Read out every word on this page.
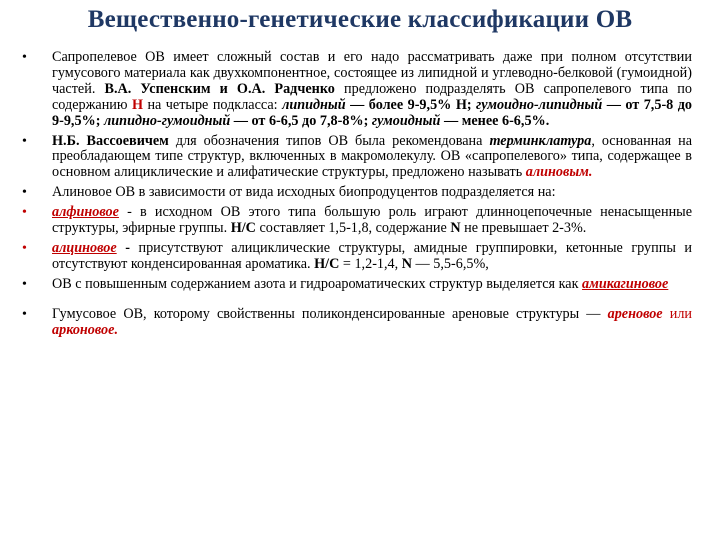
Вещественно-генетические классификации ОВ
• Сапропелевое ОВ имеет сложный состав и его надо рассматривать даже при полном отсутствии гумусового материала как двухкомпонентное, состоящее из липидной и углеводно-белковой (гумоидной) частей. В.А. Успенским и О.А. Радченко предложено подразделять ОВ сапропелевого типа по содержанию Н на четыре подкласса: липидный — более 9-9,5% Н; гумоидно-липидный — от 7,5-8 до 9-9,5%; липидно-гумоидный — от 6-6,5 до 7,8-8%; гумоидный — менее 6-6,5%.
• Н.Б. Вассоевичем для обозначения типов ОВ была рекомендована терминклатура, основанная на преобладающем типе структур, включенных в макромолекулу. ОВ «сапропелевого» типа, содержащее в основном алициклические и алифатические структуры, предложено называть алиновым.
• Алиновое ОВ в зависимости от вида исходных биопродуцентов подразделяется на:
• алфиновое - в исходном ОВ этого типа большую роль играют длинноцепочечные ненасыщенные структуры, эфирные группы. Н/С составляет 1,5-1,8, содержание N не превышает 2-3%.
• алциновое - присутствуют алициклические структуры, амидные группировки, кетонные группы и отсутствуют конденсированная ароматика. Н/С = 1,2-1,4, N — 5,5-6,5%,
• ОВ с повышенным содержанием азота и гидроароматических структур выделяется как амикагиновое
• Гумусовое ОВ, которому свойственны поликонденсированные ареновые структуры — ареновое или арконовое.
